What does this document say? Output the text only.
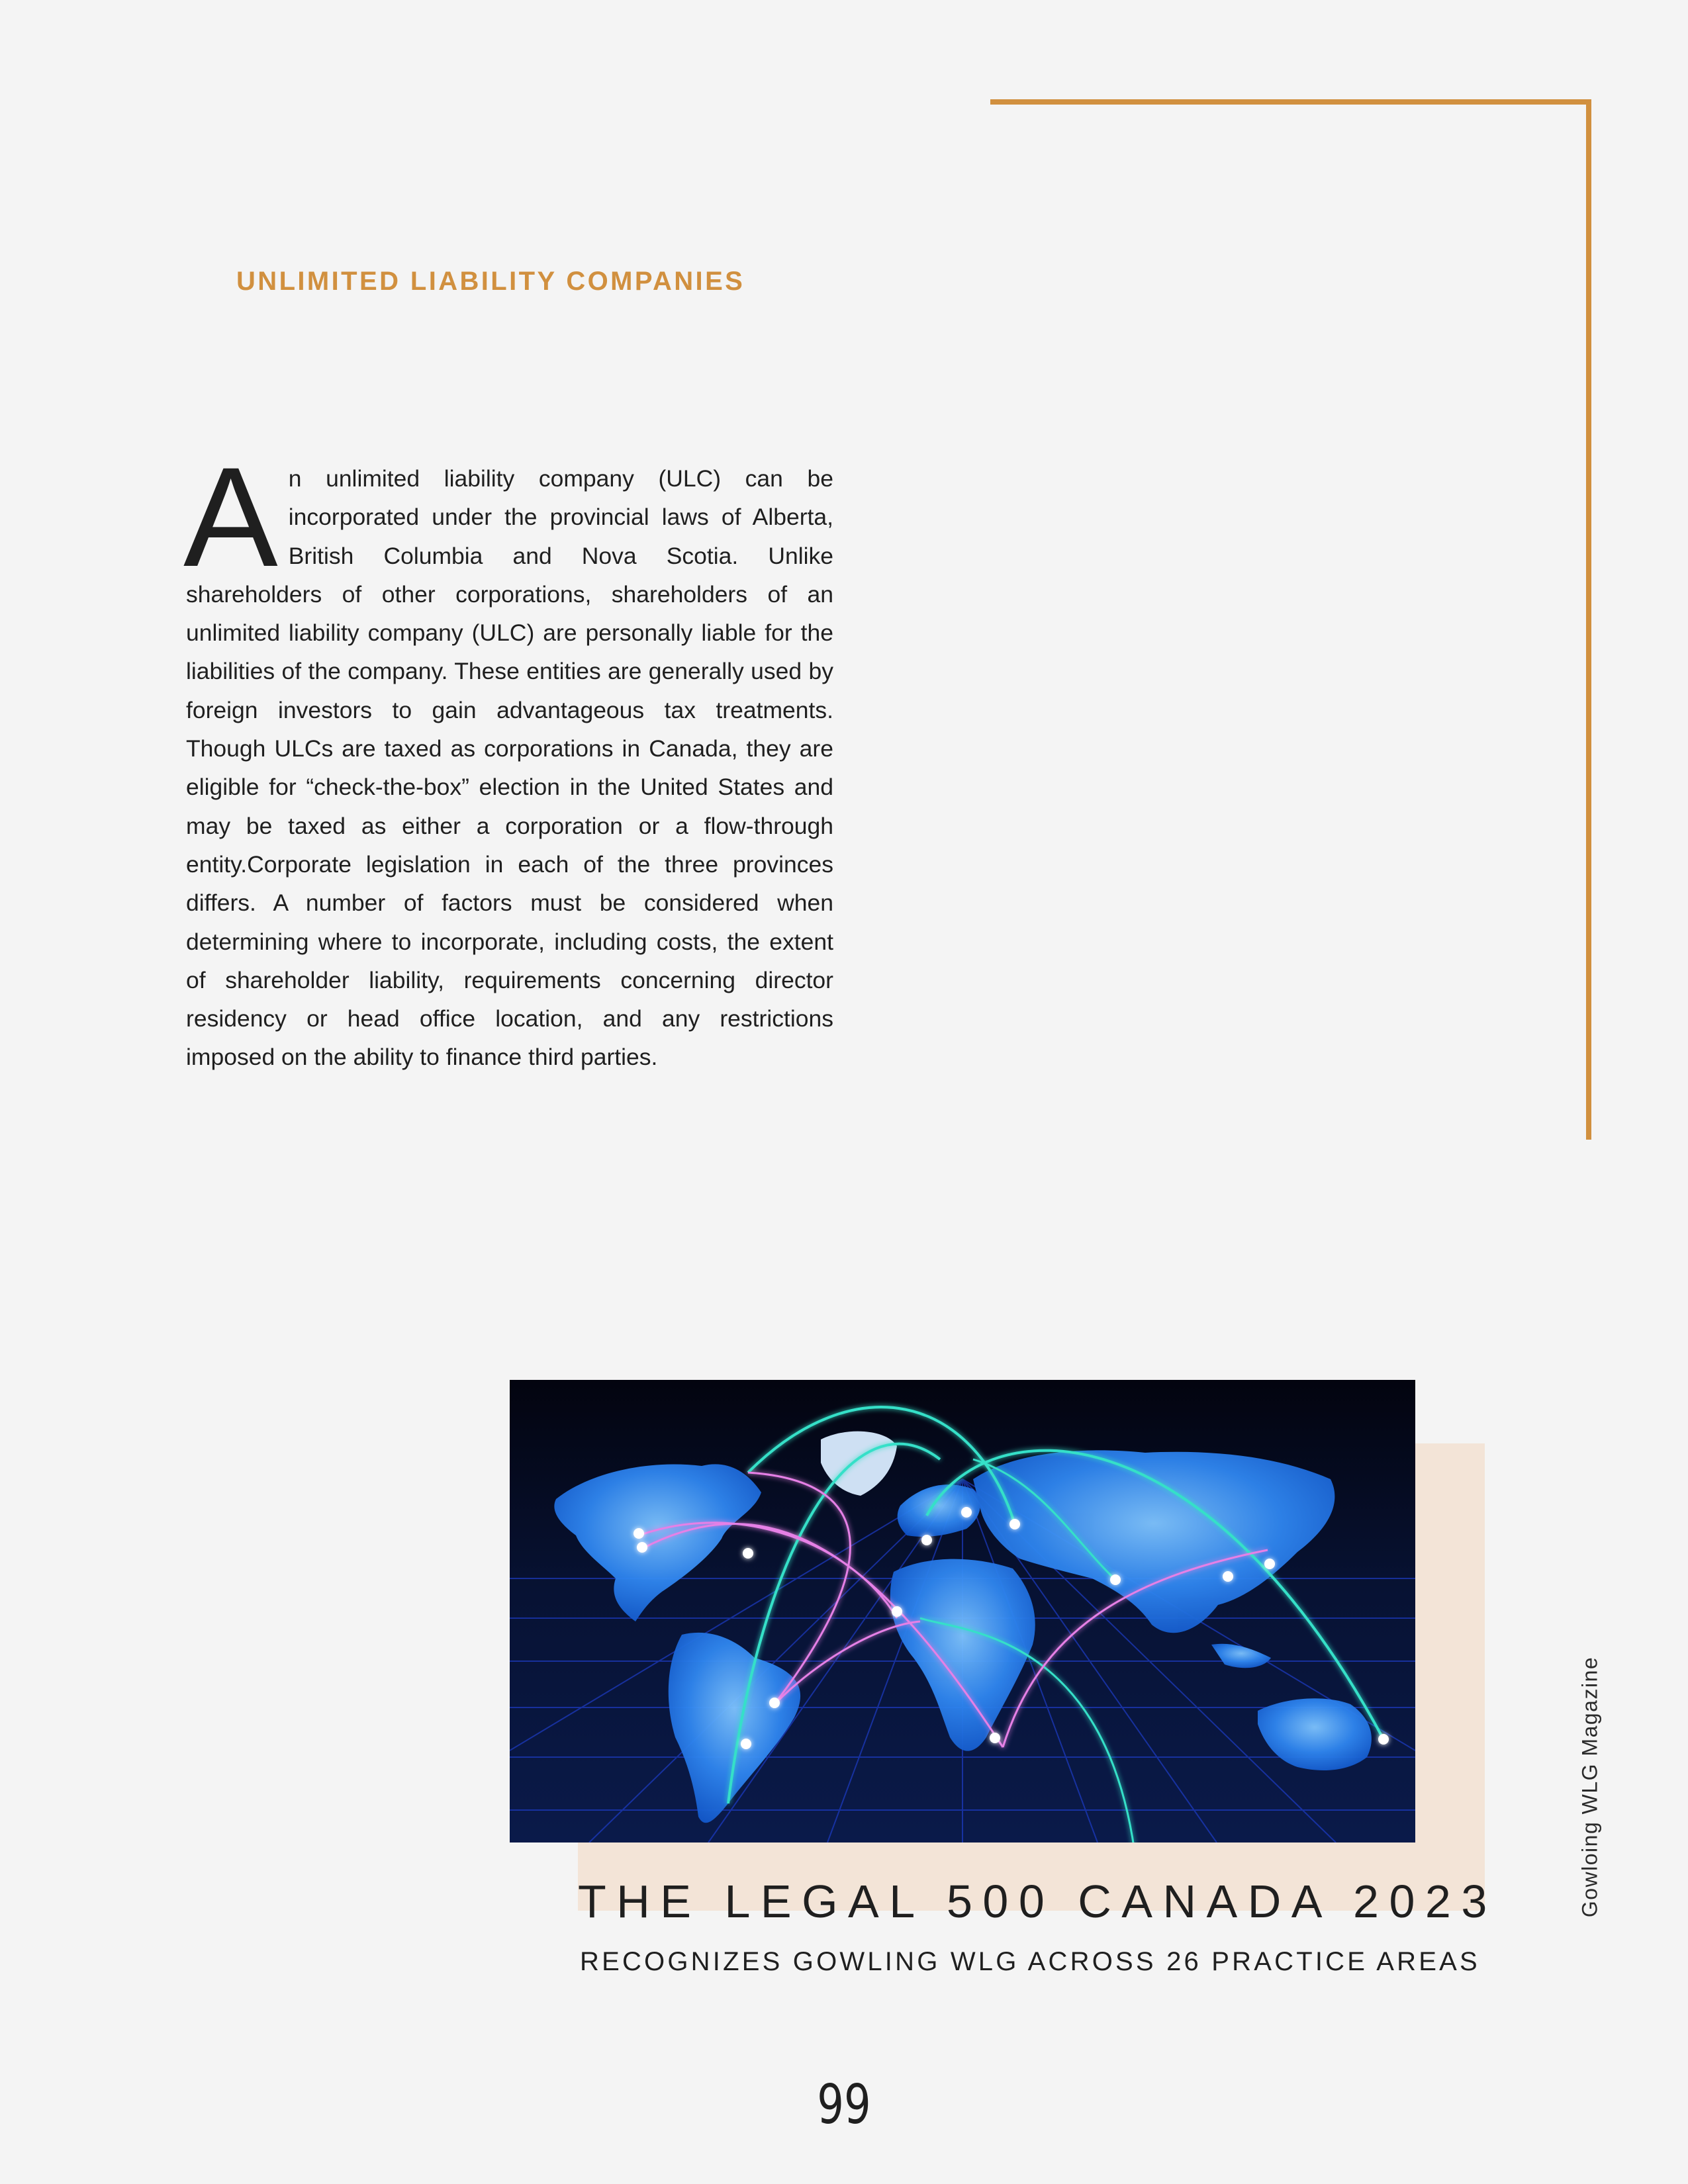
UNLIMITED LIABILITY COMPANIES

An unlimited liability company (ULC) can be incorporated under the provincial laws of Alberta, British Columbia and Nova Scotia. Unlike shareholders of other corporations, shareholders of an unlimited liability company (ULC) are personally liable for the liabilities of the company. These entities are generally used by foreign investors to gain advantageous tax treatments. Though ULCs are taxed as corporations in Canada, they are eligible for “check-the-box” election in the United States and may be taxed as either a corporation or a flow-through entity.Corporate legislation in each of the three provinces differs. A number of factors must be considered when determining where to incorporate, including costs, the extent of shareholder liability, requirements concerning director residency or head office location, and any restrictions imposed on the ability to finance third parties.

THE LEGAL 500 CANADA 2023
RECOGNIZES GOWLING WLG ACROSS 26 PRACTICE AREAS
Gowloing WLG Magazine
99
